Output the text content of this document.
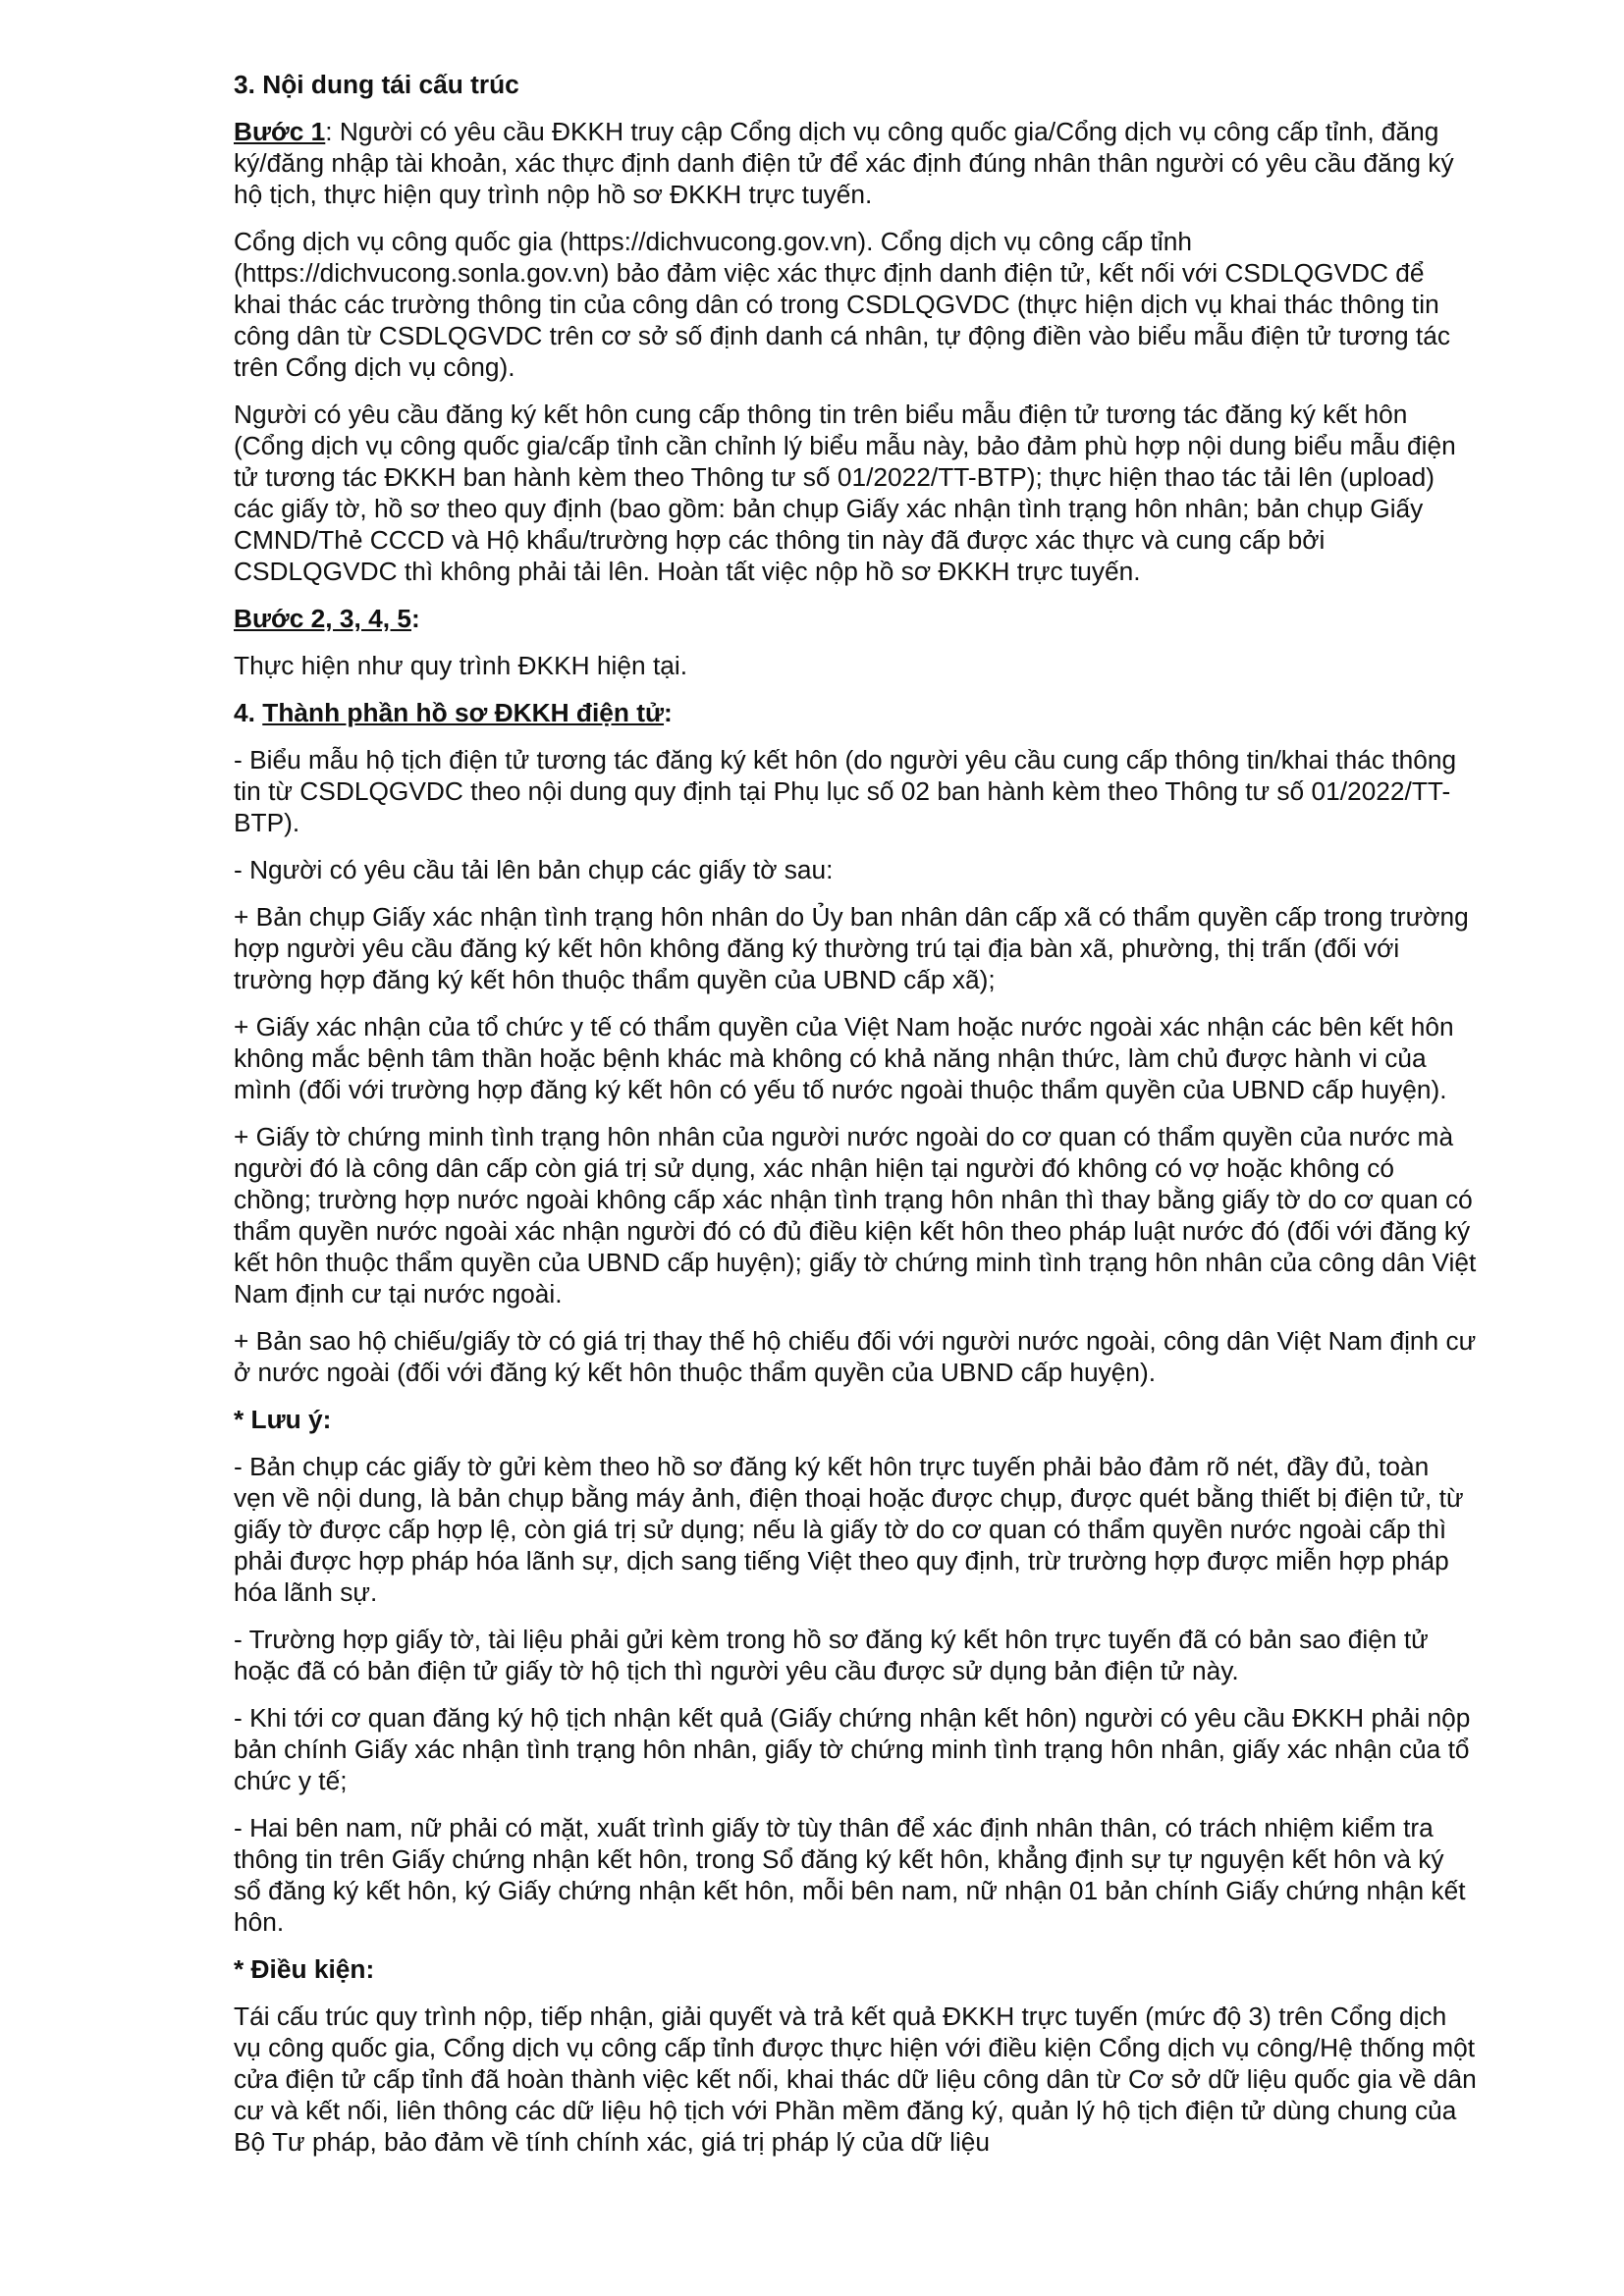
3. Nội dung tái cấu trúc

Bước 1: Người có yêu cầu ĐKKH truy cập Cổng dịch vụ công quốc gia/Cổng dịch vụ công cấp tỉnh, đăng ký/đăng nhập tài khoản, xác thực định danh điện tử để xác định đúng nhân thân người có yêu cầu đăng ký hộ tịch, thực hiện quy trình nộp hồ sơ ĐKKH trực tuyến.

Cổng dịch vụ công quốc gia (https://dichvucong.gov.vn). Cổng dịch vụ công cấp tỉnh (https://dichvucong.sonla.gov.vn) bảo đảm việc xác thực định danh điện tử, kết nối với CSDLQGVDC để khai thác các trường thông tin của công dân có trong CSDLQGVDC (thực hiện dịch vụ khai thác thông tin công dân từ CSDLQGVDC trên cơ sở số định danh cá nhân, tự động điền vào biểu mẫu điện tử tương tác trên Cổng dịch vụ công).

Người có yêu cầu đăng ký kết hôn cung cấp thông tin trên biểu mẫu điện tử tương tác đăng ký kết hôn (Cổng dịch vụ công quốc gia/cấp tỉnh cần chỉnh lý biểu mẫu này, bảo đảm phù hợp nội dung biểu mẫu điện tử tương tác ĐKKH ban hành kèm theo Thông tư số 01/2022/TT-BTP); thực hiện thao tác tải lên (upload) các giấy tờ, hồ sơ theo quy định (bao gồm: bản chụp Giấy xác nhận tình trạng hôn nhân; bản chụp Giấy CMND/Thẻ CCCD và Hộ khẩu/trường hợp các thông tin này đã được xác thực và cung cấp bởi CSDLQGVDC thì không phải tải lên. Hoàn tất việc nộp hồ sơ ĐKKH trực tuyến.

Bước 2, 3, 4, 5:

Thực hiện như quy trình ĐKKH hiện tại.

4. Thành phần hồ sơ ĐKKH điện tử:

- Biểu mẫu hộ tịch điện tử tương tác đăng ký kết hôn (do người yêu cầu cung cấp thông tin/khai thác thông tin từ CSDLQGVDC theo nội dung quy định tại Phụ lục số 02 ban hành kèm theo Thông tư số 01/2022/TT-BTP).

- Người có yêu cầu tải lên bản chụp các giấy tờ sau:

+ Bản chụp Giấy xác nhận tình trạng hôn nhân do Ủy ban nhân dân cấp xã có thẩm quyền cấp trong trường hợp người yêu cầu đăng ký kết hôn không đăng ký thường trú tại địa bàn xã, phường, thị trấn (đối với trường hợp đăng ký kết hôn thuộc thẩm quyền của UBND cấp xã);

+ Giấy xác nhận của tổ chức y tế có thẩm quyền của Việt Nam hoặc nước ngoài xác nhận các bên kết hôn không mắc bệnh tâm thần hoặc bệnh khác mà không có khả năng nhận thức, làm chủ được hành vi của mình (đối với trường hợp đăng ký kết hôn có yếu tố nước ngoài thuộc thẩm quyền của UBND cấp huyện).

+ Giấy tờ chứng minh tình trạng hôn nhân của người nước ngoài do cơ quan có thẩm quyền của nước mà người đó là công dân cấp còn giá trị sử dụng, xác nhận hiện tại người đó không có vợ hoặc không có chồng; trường hợp nước ngoài không cấp xác nhận tình trạng hôn nhân thì thay bằng giấy tờ do cơ quan có thẩm quyền nước ngoài xác nhận người đó có đủ điều kiện kết hôn theo pháp luật nước đó (đối với đăng ký kết hôn thuộc thẩm quyền của UBND cấp huyện); giấy tờ chứng minh tình trạng hôn nhân của công dân Việt Nam định cư tại nước ngoài.

+ Bản sao hộ chiếu/giấy tờ có giá trị thay thế hộ chiếu đối với người nước ngoài, công dân Việt Nam định cư ở nước ngoài (đối với đăng ký kết hôn thuộc thẩm quyền của UBND cấp huyện).

* Lưu ý:

- Bản chụp các giấy tờ gửi kèm theo hồ sơ đăng ký kết hôn trực tuyến phải bảo đảm rõ nét, đầy đủ, toàn vẹn về nội dung, là bản chụp bằng máy ảnh, điện thoại hoặc được chụp, được quét bằng thiết bị điện tử, từ giấy tờ được cấp hợp lệ, còn giá trị sử dụng; nếu là giấy tờ do cơ quan có thẩm quyền nước ngoài cấp thì phải được hợp pháp hóa lãnh sự, dịch sang tiếng Việt theo quy định, trừ trường hợp được miễn hợp pháp hóa lãnh sự.

- Trường hợp giấy tờ, tài liệu phải gửi kèm trong hồ sơ đăng ký kết hôn trực tuyến đã có bản sao điện tử hoặc đã có bản điện tử giấy tờ hộ tịch thì người yêu cầu được sử dụng bản điện tử này.

- Khi tới cơ quan đăng ký hộ tịch nhận kết quả (Giấy chứng nhận kết hôn) người có yêu cầu ĐKKH phải nộp bản chính Giấy xác nhận tình trạng hôn nhân, giấy tờ chứng minh tình trạng hôn nhân, giấy xác nhận của tổ chức y tế;

- Hai bên nam, nữ phải có mặt, xuất trình giấy tờ tùy thân để xác định nhân thân, có trách nhiệm kiểm tra thông tin trên Giấy chứng nhận kết hôn, trong Sổ đăng ký kết hôn, khẳng định sự tự nguyện kết hôn và ký sổ đăng ký kết hôn, ký Giấy chứng nhận kết hôn, mỗi bên nam, nữ nhận 01 bản chính Giấy chứng nhận kết hôn.

* Điều kiện:

Tái cấu trúc quy trình nộp, tiếp nhận, giải quyết và trả kết quả ĐKKH trực tuyến (mức độ 3) trên Cổng dịch vụ công quốc gia, Cổng dịch vụ công cấp tỉnh được thực hiện với điều kiện Cổng dịch vụ công/Hệ thống một cửa điện tử cấp tỉnh đã hoàn thành việc kết nối, khai thác dữ liệu công dân từ Cơ sở dữ liệu quốc gia về dân cư và kết nối, liên thông các dữ liệu hộ tịch với Phần mềm đăng ký, quản lý hộ tịch điện tử dùng chung của Bộ Tư pháp, bảo đảm về tính chính xác, giá trị pháp lý của dữ liệu
